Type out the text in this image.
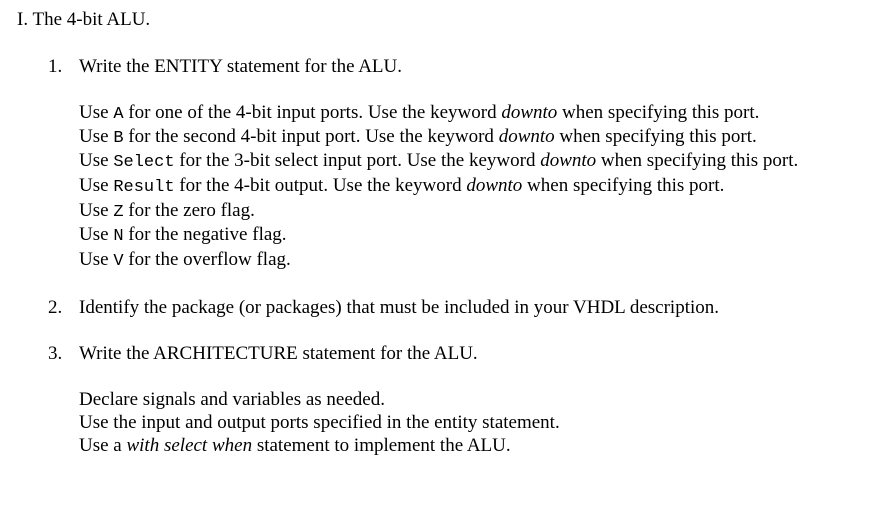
I. The 4-bit ALU.
1. Write the ENTITY statement for the ALU.
Use A for one of the 4-bit input ports. Use the keyword downto when specifying this port.
Use B for the second 4-bit input port. Use the keyword downto when specifying this port.
Use Select for the 3-bit select input port. Use the keyword downto when specifying this port.
Use Result for the 4-bit output. Use the keyword downto when specifying this port.
Use Z for the zero flag.
Use N for the negative flag.
Use V for the overflow flag.
2. Identify the package (or packages) that must be included in your VHDL description.
3. Write the ARCHITECTURE statement for the ALU.
Declare signals and variables as needed.
Use the input and output ports specified in the entity statement.
Use a with select when statement to implement the ALU.
